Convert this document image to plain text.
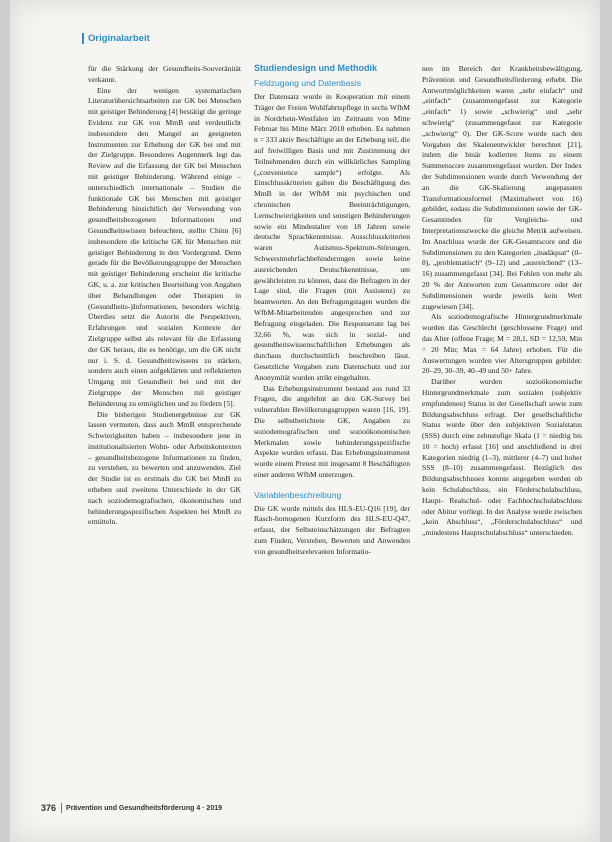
Originalarbeit

für die Stärkung der Gesundheits-Souveränität verkannt.

Eine der wenigen systematischen Literaturübersichtsarbeiten zur GK bei Menschen mit geistiger Behinderung [4] bestätigt die geringe Evidenz zur GK von MmB und verdeutlicht insbesondere den Mangel an geeigneten Instrumenten zur Erhebung der GK bei und mit der Zielgruppe. Besonderes Augenmerk legt das Review auf die Erfassung der GK bei Menschen mit geistiger Behinderung. Während einige – unterschiedlich internationale – Studien die funktionale GK bei Menschen mit geistiger Behinderung hinsichtlich der Verwendung von gesundheitsbezogenen Informationen und Gesundheitswissen beleuchten, stellte Chinn [6] insbesondere die kritische GK für Menschen mit geistiger Behinderung in den Vordergrund. Denn gerade für die Bevölkerungsgruppe der Menschen mit geistiger Behinderung erscheint die kritische GK, u. a. zur kritischen Beurteilung von Angaben über Behandlungen oder Therapien in (Gesundheits-)Informationen, besonders wichtig. Überdies setzt die Autorin die Perspektiven, Erfahrungen und sozialen Kontexte der Zielgruppe selbst als relevant für die Erfassung der GK heraus, die es benötige, um die GK nicht nur i. S. d. Gesundheitswissens zu stärken, sondern auch einen aufgeklärten und reflektierten Umgang mit Gesundheit bei und mit der Zielgruppe der Menschen mit geistiger Behinderung zu ermöglichen und zu fördern [5].

Die bisherigen Studienergebnisse zur GK lassen vermuten, dass auch MmB entsprechende Schwierigkeiten haben – insbesondere jene in institutionalisierten Wohn- oder Arbeitskontexten – gesundheitsbezogene Informationen zu finden, zu verstehen, zu bewerten und anzuwenden. Ziel der Studie ist es erstmals die GK bei MmB zu erheben und zweitens Unterschiede in der GK nach soziodemografischen, ökonomischen und behinderungsspezifischen Aspekten bei MmB zu ermitteln.

Studiendesign und Methodik
Feldzugang und Datenbasis

Der Datensatz wurde in Kooperation mit einem Träger der Freien Wohlfahrtspflege in sechs WfbM in Nordrhein-Westfalen im Zeitraum von Mitte Februar bis Mitte März 2018 erhoben. Es nahmen n = 333 aktiv Beschäftigte an der Erhebung teil, die auf freiwilligen Basis und mit Zustimmung der Teilnehmenden durch ein willkürliches Sampling („convenience sample“) erfolgte. Als Einschlusskriterien galten die Beschäftigung des MmB in der WfbM mit psychischen und chronischen Beeinträchtigungen, Lernschwierigkeiten und sonstigen Behinderungen sowie ein Mindestalter von 18 Jahren sowie deutsche Sprachkenntnisse. Ausschlusskriterien waren Autismus-Spektrum-Störungen, Schwerstmehrfachbehinderungen sowie keine ausreichenden Deutschkenntnisse, um gewährleisten zu können, dass die Befragten in der Lage sind, die Fragen (mit Assistenz) zu beantworten. An den Befragungstagen wurden die WfbM-Mitarbeitenden angesprochen und zur Befragung eingeladen. Die Responserate lag bei 32,66 %, was sich in sozial- und gesundheitswissenschaftlichen Erhebungen als durchaus durchschnittlich beschreiben lässt. Gesetzliche Vorgaben zum Datenschutz und zur Anonymität wurden strikt eingehalten.

Das Erhebungsinstrument bestand aus rund 33 Fragen, die angelehnt an den GK-Survey bei vulnerablen Bevölkerungsgruppen waren [16, 19]. Die selbstberichtete GK, Angaben zu soziodemografischen und sozioökonomischen Merkmalen sowie behinderungsspezifische Aspekte wurden erfasst. Das Erhebungsinstrument wurde einem Pretest mit insgesamt 8 Beschäftigten einer anderen WfbM unterzogen.

Variablenbeschreibung

Die GK wurde mittels des HLS-EU-Q16 [19], der Rasch-homogenen Kurzform des HLS-EU-Q47, erfasst, der Selbsteinschätzungen der Befragten zum Finden, Verstehen, Bewerten und Anwenden von gesundheitsrelevanten Informatio-

nen im Bereich der Krankheitsbewältigung, Prävention und Gesundheitsförderung erhebt. Die Antwortmöglichkeiten waren „sehr einfach“ und „einfach“ (zusammengefasst zur Kategorie „einfach“ 1) sowie „schwierig“ und „sehr schwierig“ (zusammengefasst zur Kategorie „schwierig“ 0). Der GK-Score wurde nach den Vorgaben der Skalenentwickler berechnet [21], indem die binär kodierten Items zu einem Summenscore zusammengefasst wurden. Der Index der Subdimensionen wurde durch Verwendung der an die GK-Skalierung angepassten Transformationsformel (Maximalwert von 16) gebildet, sodass die Subdimensionen sowie der GK-Gesamtindex für Vergleichs- und Interpretationszwecke die gleiche Metrik aufweisen. Im Anschluss wurde der GK-Gesamtscore und die Subdimensionen zu den Kategorien „inadäquat“ (0–8), „problematisch“ (9–12) und „ausreichend“ (13–16) zusammengefasst [34]. Bei Fehlen von mehr als 20 % der Antworten zum Gesamtscore oder der Subdimensionen wurde jeweils kein Wert zugewiesen [34].

Als soziodemografische Hintergrundmerkmale wurden das Geschlecht (geschlossene Frage) und das Alter (offene Frage; M = 28,1, SD = 12,59, Min = 20 Min; Max = 64 Jahre) erhoben. Für die Auswertungen wurden vier Altersgruppen gebildet: 20–29, 30–39, 40–49 und 50+ Jahre.

Darüber wurden sozioökonomische Hintergrundmerkmale zum sozialen (subjektiv empfundenen) Status in der Gesellschaft sowie zum Bildungsabschluss erfragt. Der gesellschaftliche Status wurde über den subjektiven Sozialstatus (SSS) durch eine zehnstufige Skala (1 = niedrig bis 10 = hoch) erfasst [16] und anschließend in drei Kategorien niedrig (1–3), mittlerer (4–7) und hoher SSS (8–10) zusammengefasst. Bezüglich des Bildungsabschlusses konnte angegeben werden ob kein Schulabschluss, ein Förderschulabschluss, Haupt- Realschul- oder Fachhochschulabschluss oder Abitur vorliegt. In der Analyse wurde zwischen „kein Abschluss“, „Förderschulabschluss“ und „mindestens Hauptschulabschluss“ unterschieden.

376 Prävention und Gesundheitsförderung 4 · 2019
